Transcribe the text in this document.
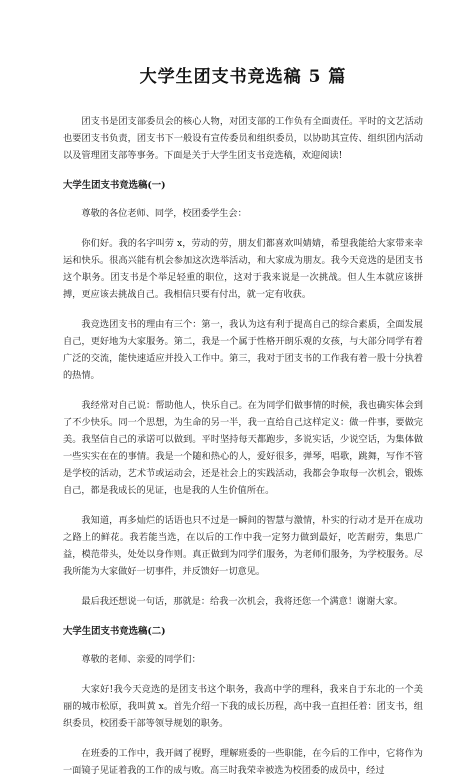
大学生团支书竞选稿 5 篇

团支书是团支部委员会的核心人物，对团支部的工作负有全面责任。平时的文艺活动也要团支书负责，团支书下一般设有宣传委员和组织委员，以协助其宣传、组织团内活动以及管理团支部等事务。下面是关于大学生团支书竞选稿，欢迎阅读!

大学生团支书竞选稿(一)

尊敬的各位老师、同学，校团委学生会：

你们好。我的名字叫劳 x，劳动的劳，朋友们都喜欢叫婧婧，希望我能给大家带来幸运和快乐。很高兴能有机会参加这次选举活动，和大家成为朋友。我今天竞选的是团支书这个职务。团支书是个举足轻重的职位，这对于我来说是一次挑战。但人生本就应该拼搏，更应该去挑战自己。我相信只要有付出，就一定有收获。

我竞选团支书的理由有三个：第一，我认为这有利于提高自己的综合素质，全面发展自己，更好地为大家服务。第二，我是一个属于性格开朗乐观的女孩，与大部分同学有着广泛的交流，能快速适应并投入工作中。第三，我对于团支书的工作我有着一股十分执着的热情。

我经常对自己说：帮助他人，快乐自己。在为同学们做事情的时候，我也确实体会到了不少快乐。同一个思想，为生命的另一半，我一直给自己这样定义：做一件事，要做完美。我坚信自己的承诺可以做到。平时坚持每天都跑步，多说实话，少说空话，为集体做一些实实在在的事情。我是一个随和热心的人，爱好很多，弹琴，唱歌，跳舞，写作不管是学校的活动，艺术节或运动会，还是社会上的实践活动，我都会争取每一次机会，锻炼自己，都是我成长的见证，也是我的人生价值所在。

我知道，再多灿烂的话语也只不过是一瞬间的智慧与激情，朴实的行动才是开在成功之路上的鲜花。我若能当选，在以后的工作中我一定努力做到最好，吃苦耐劳，集思广益，模范带头，处处以身作则。真正做到为同学们服务，为老师们服务，为学校服务。尽我所能为大家做好一切事件，并反馈好一切意见。

最后我还想说一句话，那就是：给我一次机会，我将还您一个满意！谢谢大家。

大学生团支书竞选稿(二)

尊敬的老师、亲爱的同学们：

大家好!我今天竞选的是团支书这个职务，我高中学的理科，我来自于东北的一个美丽的城市松原，我叫黄 x。首先介绍一下我的成长历程，高中我一直担任着：团支书，组织委员，校团委干部等领导规划的职务。

在班委的工作中，我开阔了视野，理解班委的一些职能，在今后的工作中，它将作为一面镜子见证着我的工作的成与败。高三时我荣幸被选为校团委的成员中，经过
